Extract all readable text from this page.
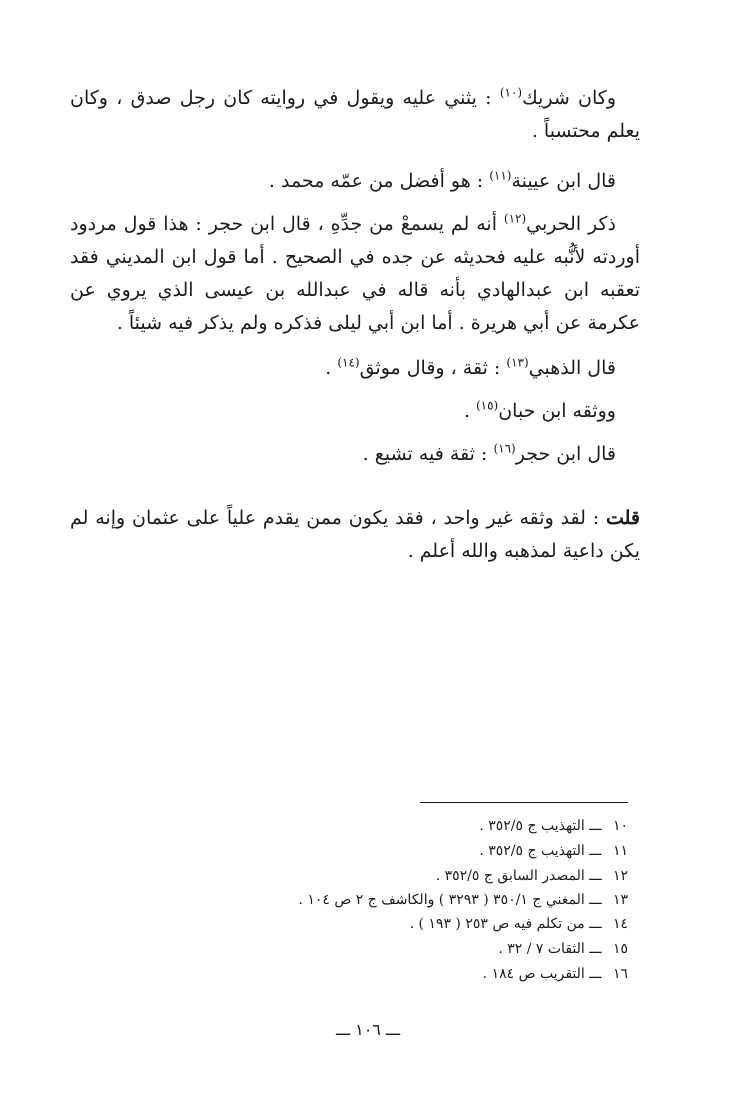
وكان شريك$^{(١٠)}$ : يثني عليه ويقول في روايته كان رجل صدق ، وكان يعلم محتسباً .

قال ابن عيينة$^{(١١)}$ : هو أفضل من عمّه محمد .

ذكر الحربي$^{(١٢)}$ أنه لم يسمعْ من جدِّهِ ، قال ابن حجر : هذا قول مردود أوردته لأنُّبه عليه فحديثه عن جده في الصحيح . أما قول ابن المديني فقد تعقبه ابن عبدالهادي بأنه قاله في عبدالله بن عيسى الذي يروي عن عكرمة عن أبي هريرة . أما ابن أبي ليلى فذكره ولم يذكر فيه شيئاً .

قال الذهبي$^{(١٣)}$ : ثقة ، وقال موثق$^{(١٤)}$ .

ووثقه ابن حبان$^{(١٥)}$ .

قال ابن حجر$^{(١٦)}$ : ثقة فيه تشيع .

قلت : لقد وثقه غير واحد ، فقد يكون ممن يقدم علياً على عثمان وإنه لم يكن داعية لمذهبه والله أعلم .

١٠ ـــ التهذيب ج ٣٥٢/٥ .
١١ ـــ التهذيب ج ٣٥٢/٥ .
١٢ ـــ المصدر السابق ج ٣٥٢/٥ .
١٣ ـــ المغني ج ٣٥٠/١ ( ٣٢٩٣ ) والكاشف ج ٢ ص ١٠٤ .
١٤ ـــ من تكلم فيه ص ٢٥٣ ( ١٩٣ ) .
١٥ ـــ الثقات ٧ / ٣٢ .
١٦ ـــ التقريب ص ١٨٤ .
ـــ ١٠٦ ـــ
